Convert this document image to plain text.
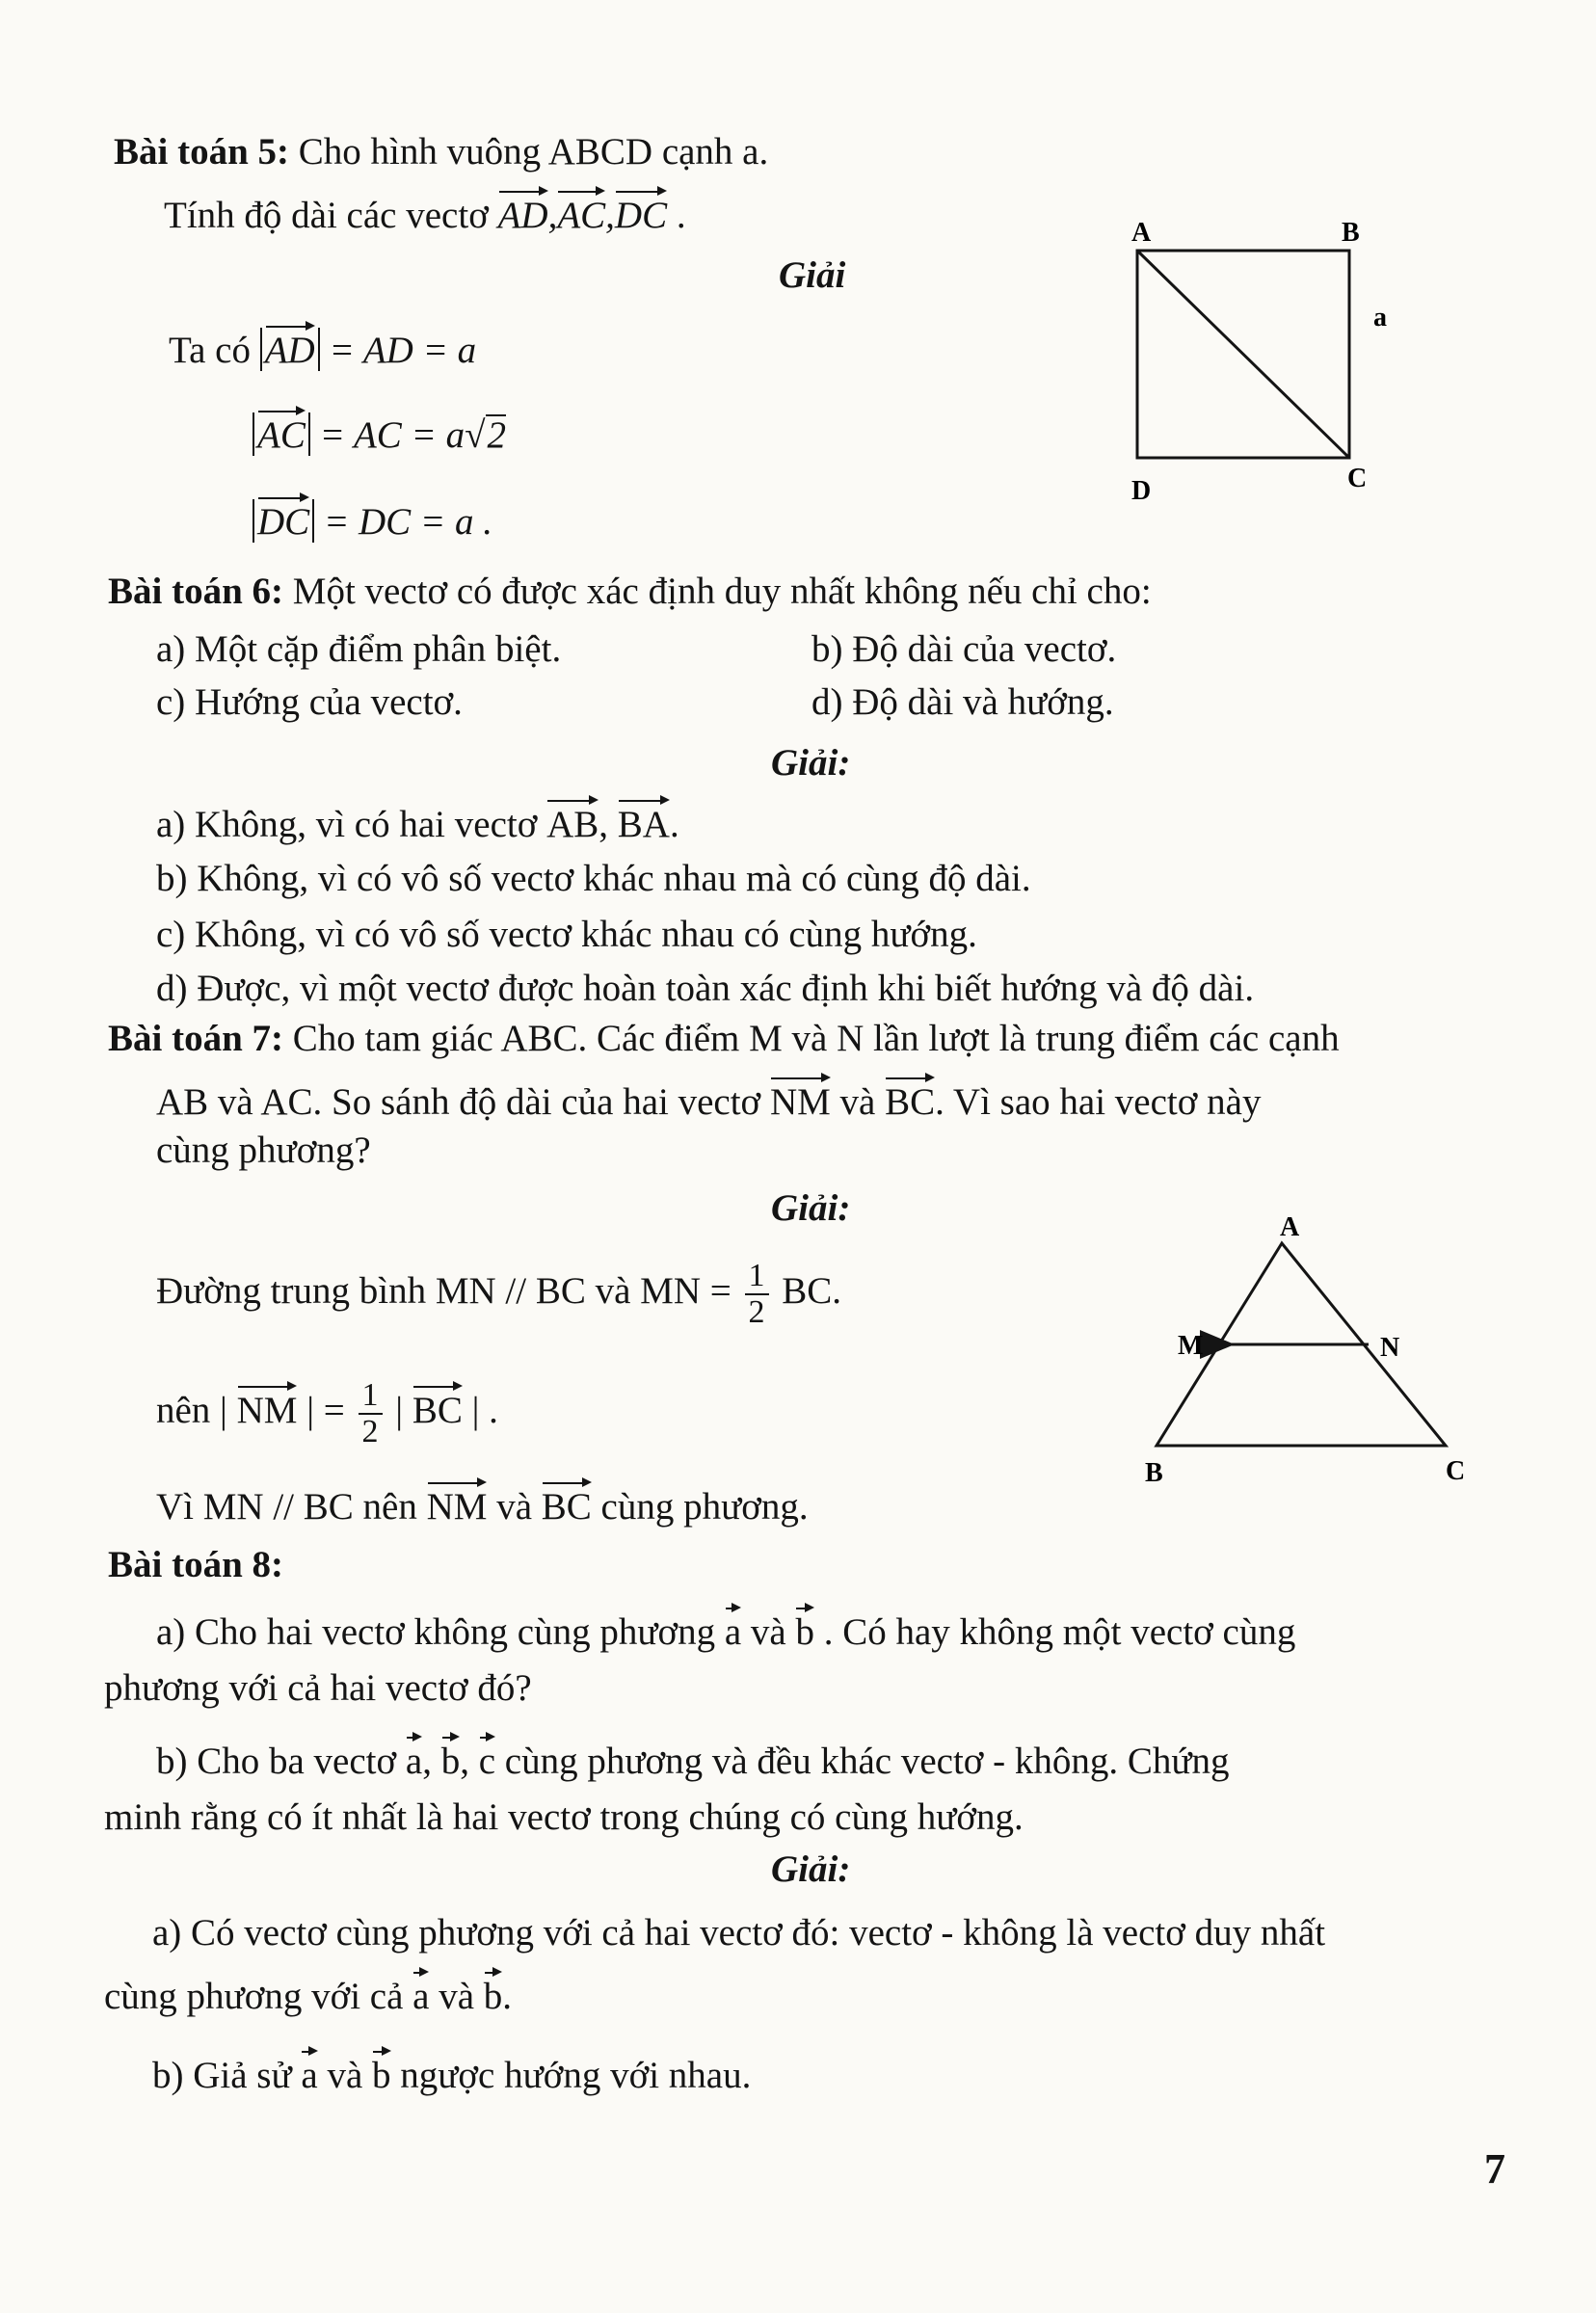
Bài toán 5: Cho hình vuông ABCD cạnh a.
Tính độ dài các vectơ AD,AC,DC .
Giải
Ta có AD = AD = a
AC = AC = a√2
DC = DC = a .
A	B
C
D
a
Bài toán 6: Một vectơ có được xác định duy nhất không nếu chỉ cho:
a) Một cặp điểm phân biệt.	b) Độ dài của vectơ.
c) Hướng của vectơ.	d) Độ dài và hướng.
Giải:
a) Không, vì có hai vectơ AB, BA.
b) Không, vì có vô số vectơ khác nhau mà có cùng độ dài.
c) Không, vì có vô số vectơ khác nhau có cùng hướng.
d) Được, vì một vectơ được hoàn toàn xác định khi biết hướng và độ dài.
Bài toán 7: Cho tam giác ABC. Các điểm M và N lần lượt là trung điểm các cạnh
AB và AC. So sánh độ dài của hai vectơ NM và BC. Vì sao hai vectơ này
cùng phương?
Giải:
Đường trung bình MN // BC và MN = $\frac{1}{2}$ BC.
nên | NM | = $\frac{1}{2}$ | BC | .
Vì MN // BC nên NM và BC cùng phương.
A
B	C
M	N
Bài toán 8:
a) Cho hai vectơ không cùng phương a và b . Có hay không một vectơ cùng
phương với cả hai vectơ đó?
b) Cho ba vectơ a, b, c cùng phương và đều khác vectơ - không. Chứng
minh rằng có ít nhất là hai vectơ trong chúng có cùng hướng.
Giải:
a) Có vectơ cùng phương với cả hai vectơ đó: vectơ - không là vectơ duy nhất
cùng phương với cả a và b.
b) Giả sử a và b ngược hướng với nhau.
7
